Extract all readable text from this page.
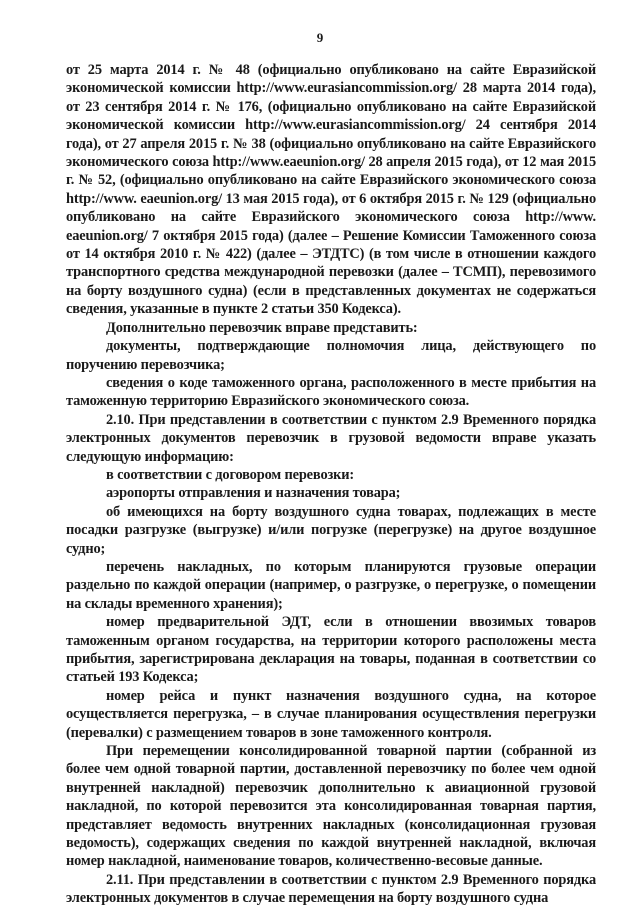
9

от 25 марта 2014 г. № 48 (официально опубликовано на сайте Евразийской экономической комиссии http://www.eurasiancommission.org/ 28 марта 2014 года), от 23 сентября 2014 г. № 176, (официально опубликовано на сайте Евразийской экономической комиссии http://www.eurasiancommission.org/ 24 сентября 2014 года), от 27 апреля 2015 г. № 38 (официально опубликовано на сайте Евразийского экономического союза http://www.eaeunion.org/ 28 апреля 2015 года), от 12 мая 2015 г. № 52, (официально опубликовано на сайте Евразийского экономического союза http://www. eaeunion.org/ 13 мая 2015 года), от 6 октября 2015 г. № 129 (официально опубликовано на сайте Евразийского экономического союза http://www. eaeunion.org/ 7 октября 2015 года) (далее – Решение Комиссии Таможенного союза от 14 октября 2010 г. № 422) (далее – ЭТДТС) (в том числе в отношении каждого транспортного средства международной перевозки (далее – ТСМП), перевозимого на борту воздушного судна) (если в представленных документах не содержаться сведения, указанные в пункте 2 статьи 350 Кодекса).

Дополнительно перевозчик вправе представить:

документы, подтверждающие полномочия лица, действующего по поручению перевозчика;

сведения о коде таможенного органа, расположенного в месте прибытия на таможенную территорию Евразийского экономического союза.

2.10. При представлении в соответствии с пунктом 2.9 Временного порядка электронных документов перевозчик в грузовой ведомости вправе указать следующую информацию:

в соответствии с договором перевозки:

аэропорты отправления и назначения товара;

об имеющихся на борту воздушного судна товарах, подлежащих в месте посадки разгрузке (выгрузке) и/или погрузке (перегрузке) на другое воздушное судно;

перечень накладных, по которым планируются грузовые операции раздельно по каждой операции (например, о разгрузке, о перегрузке, о помещении на склады временного хранения);

номер предварительной ЭДТ, если в отношении ввозимых товаров таможенным органом государства, на территории которого расположены места прибытия, зарегистрирована декларация на товары, поданная в соответствии со статьей 193 Кодекса;

номер рейса и пункт назначения воздушного судна, на которое осуществляется перегрузка, – в случае планирования осуществления перегрузки (перевалки) с размещением товаров в зоне таможенного контроля.

При перемещении консолидированной товарной партии (собранной из более чем одной товарной партии, доставленной перевозчику по более чем одной внутренней накладной) перевозчик дополнительно к авиационной грузовой накладной, по которой перевозится эта консолидированная товарная партия, представляет ведомость внутренних накладных (консолидационная грузовая ведомость), содержащих сведения по каждой внутренней накладной, включая номер накладной, наименование товаров, количественно-весовые данные.

2.11. При представлении в соответствии с пунктом 2.9 Временного порядка электронных документов в случае перемещения на борту воздушного судна
